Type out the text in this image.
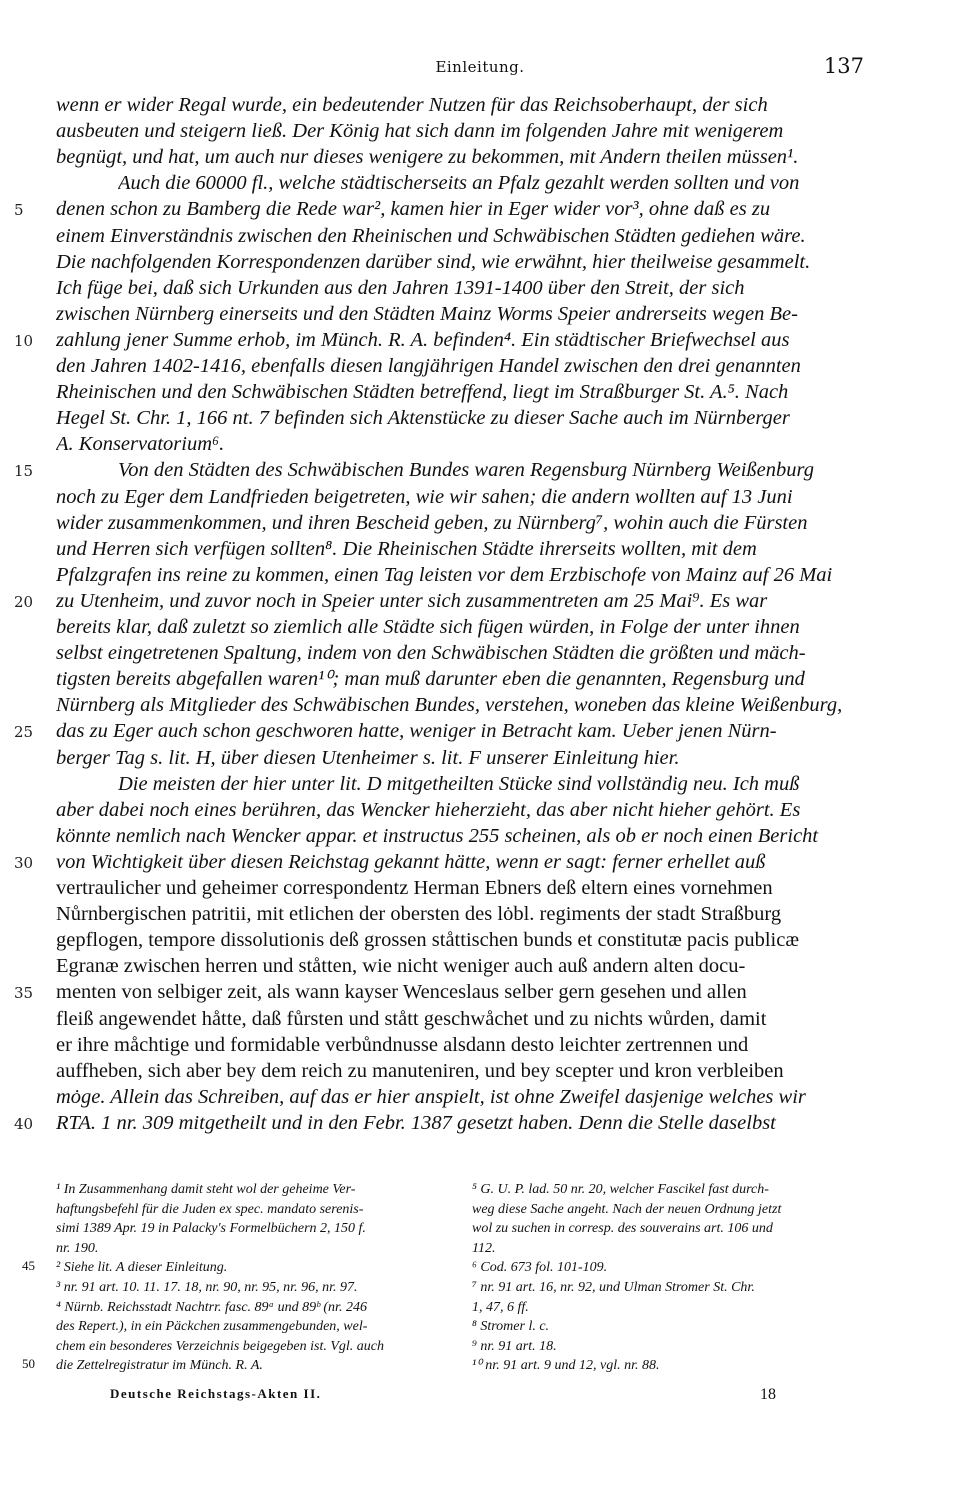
Einleitung.	137
wenn er wider Regal wurde, ein bedeutender Nutzen für das Reichsoberhaupt, der sich
ausbeuten und steigern ließ. Der König hat sich dann im folgenden Jahre mit wenigerem
begnügt, und hat, um auch nur dieses wenigere zu bekommen, mit Andern theilen müssen¹.
Auch die 60000 fl., welche städtischerseits an Pfalz gezahlt werden sollten und von
5	denen schon zu Bamberg die Rede war², kamen hier in Eger wider vor³, ohne daß es zu
einem Einverständnis zwischen den Rheinischen und Schwäbischen Städten gediehen wäre.
Die nachfolgenden Korrespondenzen darüber sind, wie erwähnt, hier theilweise gesammelt.
Ich füge bei, daß sich Urkunden aus den Jahren 1391-1400 über den Streit, der sich
zwischen Nürnberg einerseits und den Städten Mainz Worms Speier andrerseits wegen Be-
10	zahlung jener Summe erhob, im Münch. R. A. befinden⁴. Ein städtischer Briefwechsel aus
den Jahren 1402-1416, ebenfalls diesen langjährigen Handel zwischen den drei genannten
Rheinischen und den Schwäbischen Städten betreffend, liegt im Straßburger St. A.⁵. Nach
Hegel St. Chr. 1, 166 nt. 7 befinden sich Aktenstücke zu dieser Sache auch im Nürnberger
A. Konservatorium⁶.
15	Von den Städten des Schwäbischen Bundes waren Regensburg Nürnberg Weißenburg
noch zu Eger dem Landfrieden beigetreten, wie wir sahen; die andern wollten auf 13 Juni
wider zusammenkommen, und ihren Bescheid geben, zu Nürnberg⁷, wohin auch die Fürsten
und Herren sich verfügen sollten⁸. Die Rheinischen Städte ihrerseits wollten, mit dem
Pfalzgrafen ins reine zu kommen, einen Tag leisten vor dem Erzbischofe von Mainz auf 26 Mai
20	zu Utenheim, und zuvor noch in Speier unter sich zusammentreten am 25 Mai⁹. Es war
bereits klar, daß zuletzt so ziemlich alle Städte sich fügen würden, in Folge der unter ihnen
selbst eingetretenen Spaltung, indem von den Schwäbischen Städten die größten und mäch-
tigsten bereits abgefallen waren¹⁰; man muß darunter eben die genannten, Regensburg und
Nürnberg als Mitglieder des Schwäbischen Bundes, verstehen, woneben das kleine Weißenburg,
25	das zu Eger auch schon geschworen hatte, weniger in Betracht kam. Ueber jenen Nürn-
berger Tag s. lit. H, über diesen Utenheimer s. lit. F unserer Einleitung hier.
Die meisten der hier unter lit. D mitgetheilten Stücke sind vollständig neu. Ich muß
aber dabei noch eines berühren, das Wencker hieherzieht, das aber nicht hieher gehört. Es
könnte nemlich nach Wencker appar. et instructus 255 scheinen, als ob er noch einen Bericht
30	von Wichtigkeit über diesen Reichstag gekannt hätte, wenn er sagt: ferner erhellet auß
vertraulicher und geheimer correspondentz Herman Ebners deß eltern eines vornehmen
Nůrnbergischen patritii, mit etlichen der obersten des lȯbl. regiments der stadt Straßburg
gepflogen, tempore dissolutionis deß grossen ståttischen bunds et constitutæ pacis publicæ
Egranæ zwischen herren und ståtten, wie nicht weniger auch auß andern alten docu-
35	menten von selbiger zeit, als wann kayser Wenceslaus selber gern gesehen und allen
fleiß angewendet håtte, daß fůrsten und stått geschwåchet und zu nichts wůrden, damit
er ihre måchtige und formidable verbůndnusse alsdann desto leichter zertrennen und
auffheben, sich aber bey dem reich zu manuteniren, und bey scepter und kron verbleiben
mȯge. Allein das Schreiben, auf das er hier anspielt, ist ohne Zweifel dasjenige welches wir
40	RTA. 1 nr. 309 mitgetheilt und in den Febr. 1387 gesetzt haben. Denn die Stelle daselbst
¹ In Zusammenhang damit steht wol der geheime Ver-
haftungsbefehl für die Juden ex spec. mandato serenis-
simi 1389 Apr. 19 in Palacky's Formelbüchern 2, 150 f.
nr. 190.
45	² Siehe lit. A dieser Einleitung.
³ nr. 91 art. 10. 11. 17. 18, nr. 90, nr. 95, nr. 96, nr. 97.
⁴ Nürnb. Reichsstadt Nachtrr. fasc. 89ᵃ und 89ᵇ (nr. 246
des Repert.), in ein Päckchen zusammengebunden, wel-
chem ein besonderes Verzeichnis beigegeben ist. Vgl. auch
50	die Zettelregistratur im Münch. R. A.
⁵ G. U. P. lad. 50 nr. 20, welcher Fascikel fast durch-
weg diese Sache angeht. Nach der neuen Ordnung jetzt
wol zu suchen in corresp. des souverains art. 106 und
112.
⁶ Cod. 673 fol. 101-109.
⁷ nr. 91 art. 16, nr. 92, und Ulman Stromer St. Chr.
1, 47, 6 ff.
⁸ Stromer l. c.
⁹ nr. 91 art. 18.
¹⁰ nr. 91 art. 9 und 12, vgl. nr. 88.
Deutsche Reichstags-Akten II.	18
